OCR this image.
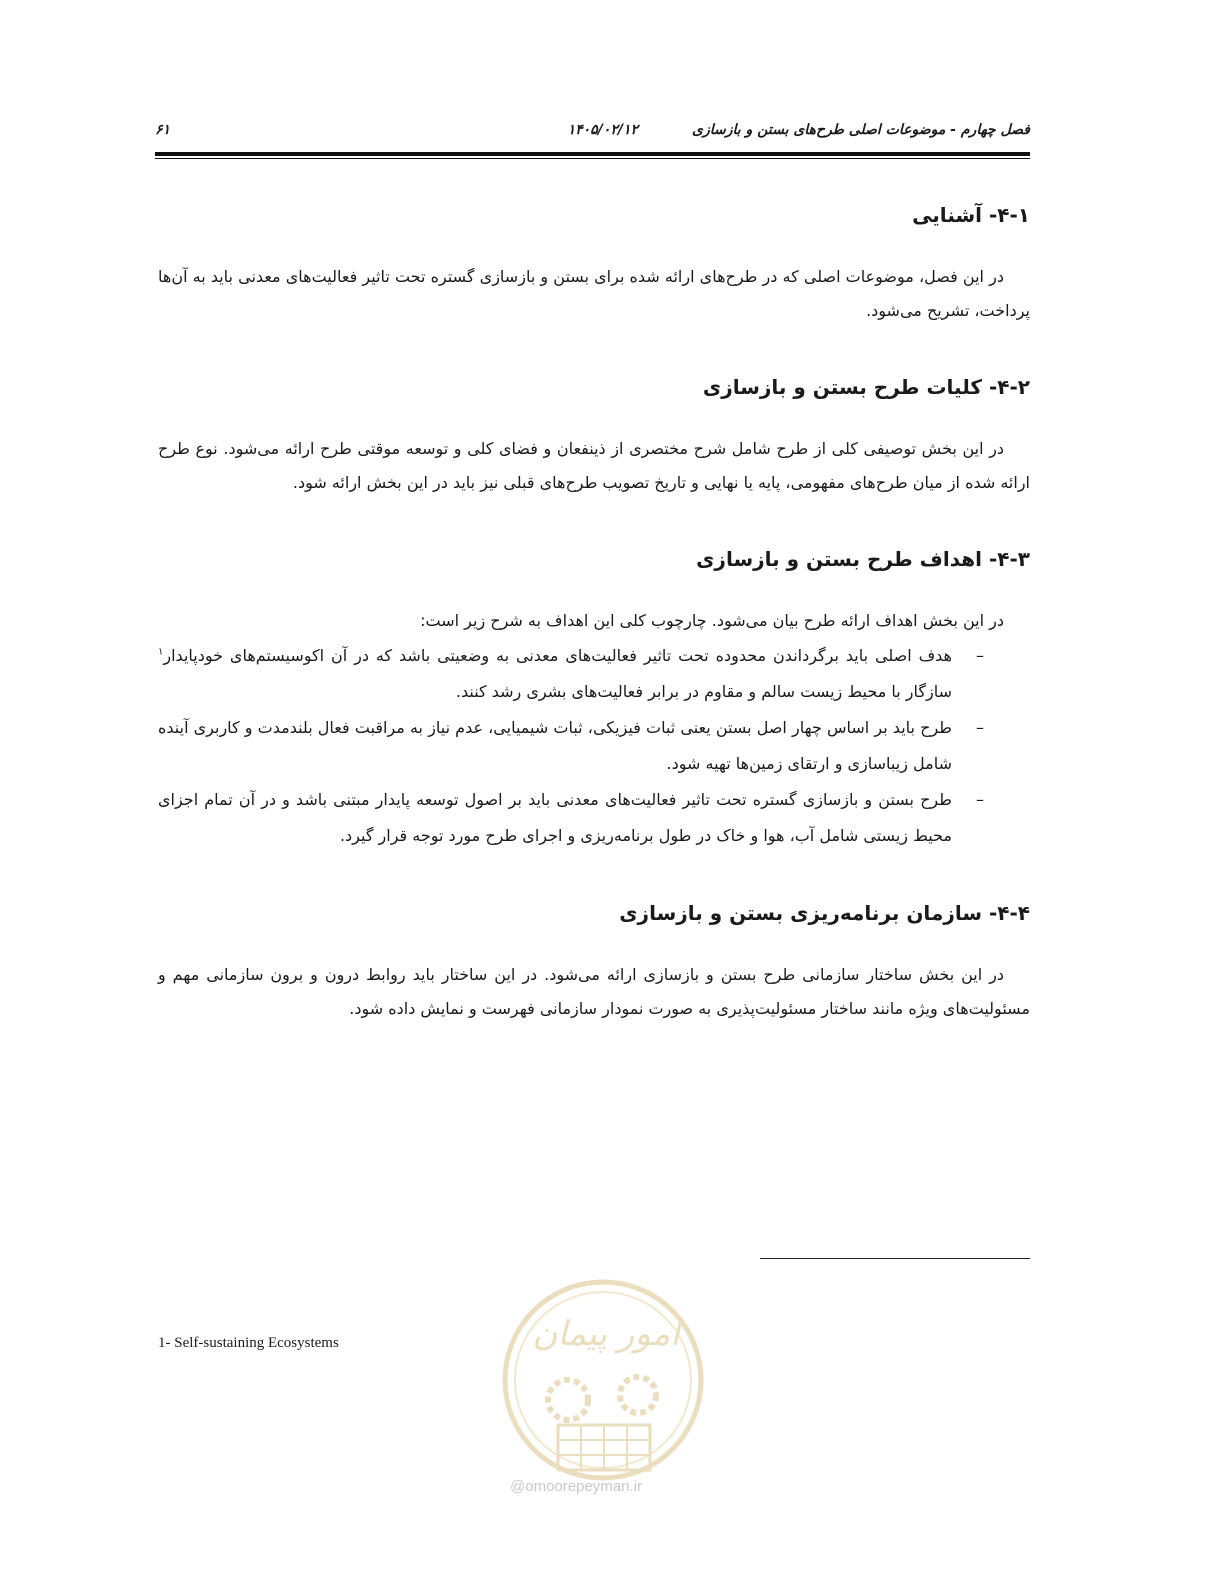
فصل چهارم - موضوعات اصلی طرح‌های بستن و بازسازی
۱۴۰۵/۰۲/۱۲
۶۱
۴-۱- آشنایی

در این فصل، موضوعات اصلی که در طرح‌های ارائه شده برای بستن و بازسازی گستره تحت تاثیر فعالیت‌های معدنی باید به آن‌ها پرداخت، تشریح می‌شود.

۴-۲- کلیات طرح بستن و بازسازی

در این بخش توصیفی کلی از طرح شامل شرح مختصری از ذینفعان و فضای کلی و توسعه موقتی طرح ارائه می‌شود. نوع طرح ارائه شده از میان طرح‌های مفهومی، پایه یا نهایی و تاریخ تصویب طرح‌های قبلی نیز باید در این بخش ارائه شود.

۴-۳- اهداف طرح بستن و بازسازی

در این بخش اهداف ارائه طرح بیان می‌شود. چارچوب کلی این اهداف به شرح زیر است:

–
هدف اصلی باید برگرداندن محدوده تحت تاثیر فعالیت‌های معدنی به وضعیتی باشد که در آن اکوسیستم‌های خودپایدار$^۱$ سازگار با محیط زیست سالم و مقاوم در برابر فعالیت‌های بشری رشد کنند.
–
طرح باید بر اساس چهار اصل بستن یعنی ثبات فیزیکی، ثبات شیمیایی، عدم نیاز به مراقبت فعال بلندمدت و کاربری آینده شامل زیباسازی و ارتقای زمین‌ها تهیه شود.
–
طرح بستن و بازسازی گستره تحت تاثیر فعالیت‌های معدنی باید بر اصول توسعه پایدار مبتنی باشد و در آن تمام اجزای محیط زیستی شامل آب، هوا و خاک در طول برنامه‌ریزی و اجرای طرح مورد توجه قرار گیرد.
۴-۴- سازمان برنامه‌ریزی بستن و بازسازی

در این بخش ساختار سازمانی طرح بستن و بازسازی ارائه می‌شود. در این ساختار باید روابط درون و برون سازمانی مهم و مسئولیت‌های ویژه مانند ساختار مسئولیت‌پذیری به صورت نمودار سازمانی فهرست و نمایش داده شود.

1- Self-sustaining Ecosystems	امور پیمان
@omoorepeyman.ir
